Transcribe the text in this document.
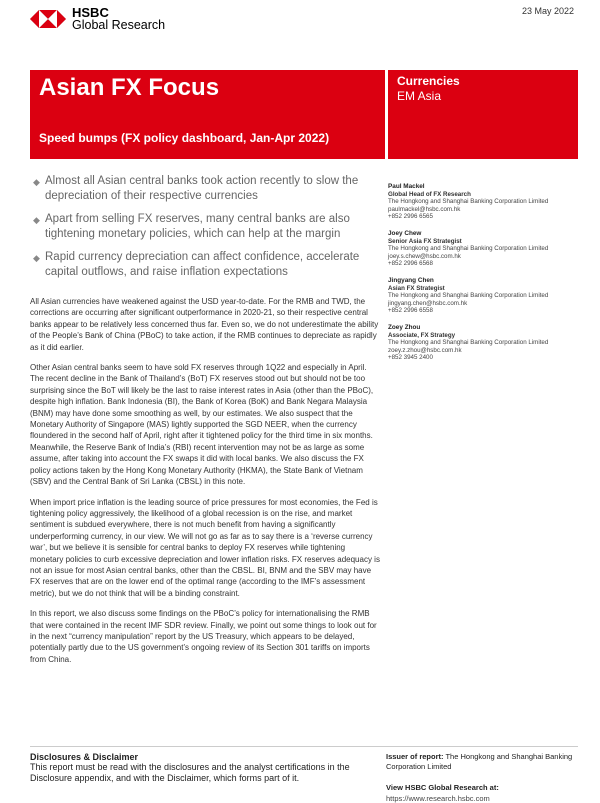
HSBC
Global Research
23 May 2022
Asian FX Focus
Speed bumps (FX policy dashboard, Jan-Apr 2022)
Currencies
EM Asia
◆ Almost all Asian central banks took action recently to slow the depreciation of their respective currencies
◆ Apart from selling FX reserves, many central banks are also tightening monetary policies, which can help at the margin
◆ Rapid currency depreciation can affect confidence, accelerate capital outflows, and raise inflation expectations

All Asian currencies have weakened against the USD year-to-date. For the RMB and TWD, the corrections are occurring after significant outperformance in 2020-21, so their respective central banks appear to be relatively less concerned thus far. Even so, we do not underestimate the ability of the People’s Bank of China (PBoC) to take action, if the RMB continues to depreciate as rapidly as it did earlier.

Other Asian central banks seem to have sold FX reserves through 1Q22 and especially in April. The recent decline in the Bank of Thailand’s (BoT) FX reserves stood out but should not be too surprising since the BoT will likely be the last to raise interest rates in Asia (other than the PBoC), despite high inflation. Bank Indonesia (BI), the Bank of Korea (BoK) and Bank Negara Malaysia (BNM) may have done some smoothing as well, by our estimates. We also suspect that the Monetary Authority of Singapore (MAS) lightly supported the SGD NEER, when the currency floundered in the second half of April, right after it tightened policy for the third time in six months. Meanwhile, the Reserve Bank of India’s (RBI) recent intervention may not be as large as some assume, after taking into account the FX swaps it did with local banks. We also discuss the FX policy actions taken by the Hong Kong Monetary Authority (HKMA), the State Bank of Vietnam (SBV) and the Central Bank of Sri Lanka (CBSL) in this note.

When import price inflation is the leading source of price pressures for most economies, the Fed is tightening policy aggressively, the likelihood of a global recession is on the rise, and market sentiment is subdued everywhere, there is not much benefit from having a significantly underperforming currency, in our view. We will not go as far as to say there is a ‘reverse currency war’, but we believe it is sensible for central banks to deploy FX reserves while tightening monetary policies to curb excessive depreciation and lower inflation risks. FX reserves adequacy is not an issue for most Asian central banks, other than the CBSL. BI, BNM and the SBV may have FX reserves that are on the lower end of the optimal range (according to the IMF’s assessment metric), but we do not think that will be a binding constraint.

In this report, we also discuss some findings on the PBoC’s policy for internationalising the RMB that were contained in the recent IMF SDR review. Finally, we point out some things to look out for in the next “currency manipulation” report by the US Treasury, which appears to be delayed, potentially partly due to the US government’s ongoing review of its Section 301 tariffs on imports from China.

Paul Mackel
Global Head of FX Research
The Hongkong and Shanghai Banking Corporation Limited
paulmackel@hsbc.com.hk
+852 2996 6565
Joey Chew
Senior Asia FX Strategist
The Hongkong and Shanghai Banking Corporation Limited
joey.s.chew@hsbc.com.hk
+852 2996 6568
Jingyang Chen
Asian FX Strategist
The Hongkong and Shanghai Banking Corporation Limited
jingyang.chen@hsbc.com.hk
+852 2996 6558
Zoey Zhou
Associate, FX Strategy
The Hongkong and Shanghai Banking Corporation Limited
zoey.z.zhou@hsbc.com.hk
+852 3945 2400
Disclosures & Disclaimer
This report must be read with the disclosures and the analyst certifications in the Disclosure appendix, and with the Disclaimer, which forms part of it.
Issuer of report: The Hongkong and Shanghai Banking Corporation Limited
View HSBC Global Research at:
https://www.research.hsbc.com
